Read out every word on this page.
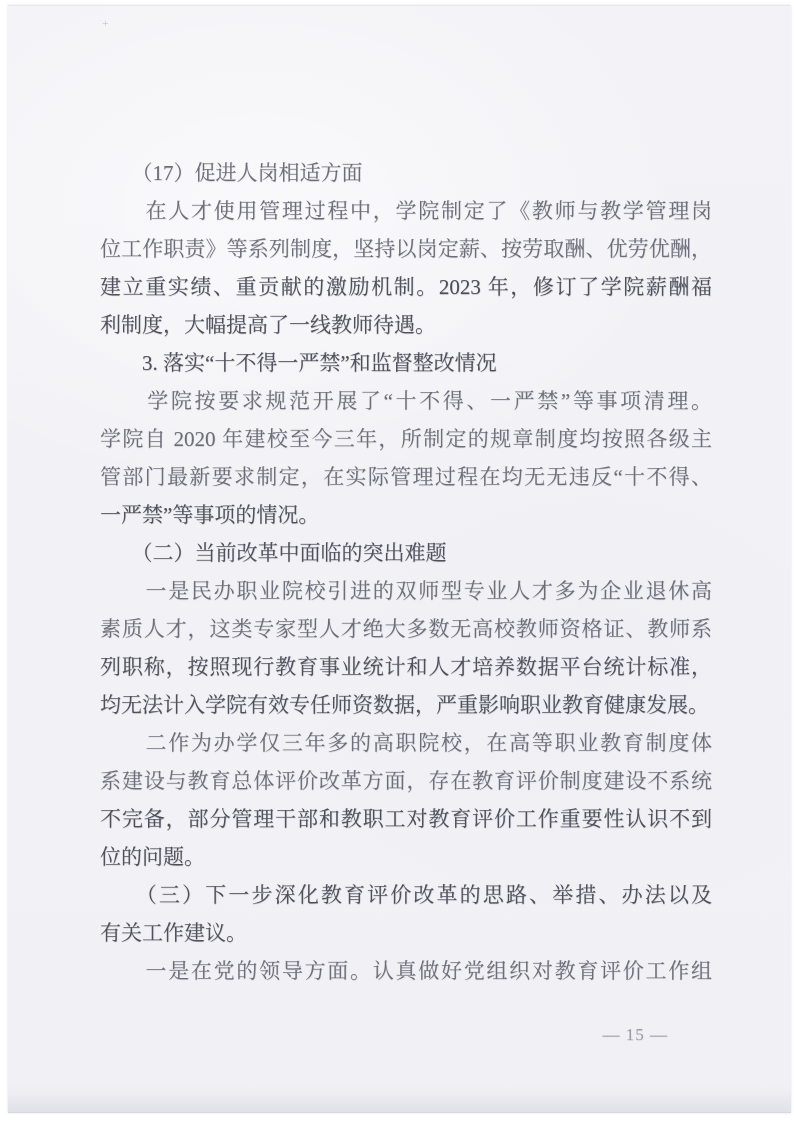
+
　　（17）促进人岗相适方面
　　在人才使用管理过程中，学院制定了《教师与教学管理岗
位工作职责》等系列制度，坚持以岗定薪、按劳取酬、优劳优酬，
建立重实绩、重贡献的激励机制。2023 年，修订了学院薪酬福
利制度，大幅提高了一线教师待遇。
　　3. 落实“十不得一严禁”和监督整改情况
　　学院按要求规范开展了“十不得、一严禁”等事项清理。
学院自 2020 年建校至今三年，所制定的规章制度均按照各级主
管部门最新要求制定，在实际管理过程在均无无违反“十不得、
一严禁”等事项的情况。
　　（二）当前改革中面临的突出难题
　　一是民办职业院校引进的双师型专业人才多为企业退休高
素质人才，这类专家型人才绝大多数无高校教师资格证、教师系
列职称，按照现行教育事业统计和人才培养数据平台统计标准，
均无法计入学院有效专任师资数据，严重影响职业教育健康发展。
　　二作为办学仅三年多的高职院校，在高等职业教育制度体
系建设与教育总体评价改革方面，存在教育评价制度建设不系统
不完备，部分管理干部和教职工对教育评价工作重要性认识不到
位的问题。
　　（三）下一步深化教育评价改革的思路、举措、办法以及
有关工作建议。
　　一是在党的领导方面。认真做好党组织对教育评价工作组
— 15 —
